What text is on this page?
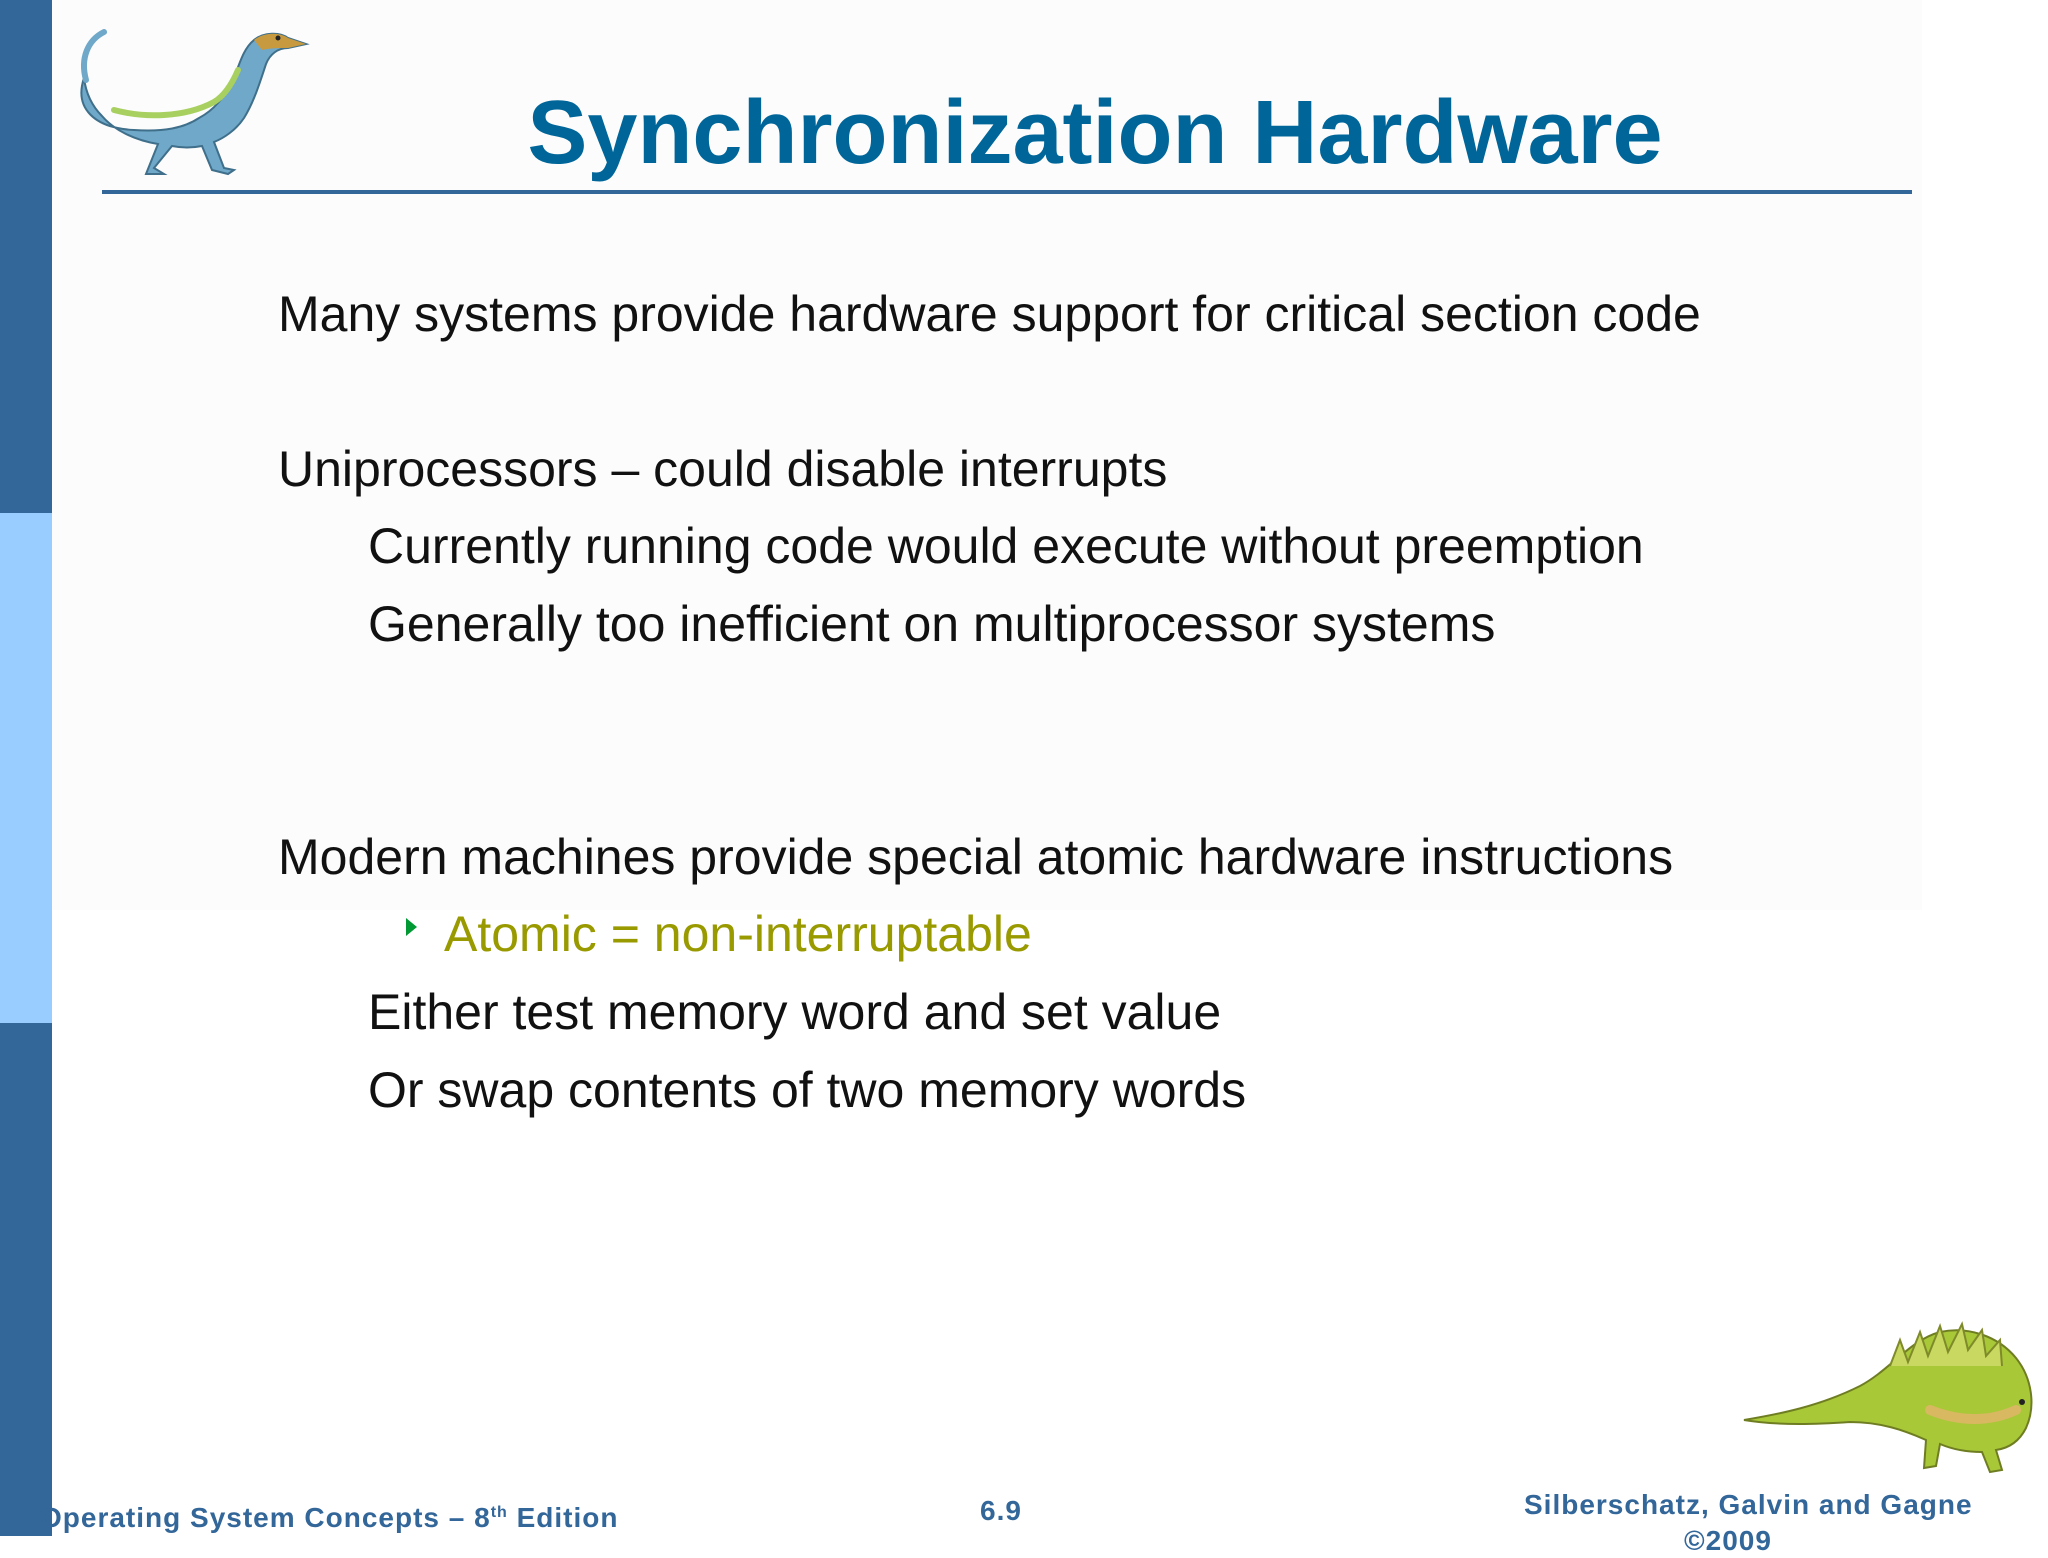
Synchronization Hardware
Many systems provide hardware support for critical section code
Uniprocessors – could disable interrupts
Currently running code would execute without preemption
Generally too inefficient on multiprocessor systems
Modern machines provide special atomic hardware instructions
Atomic = non-interruptable
Either test memory word and set value
Or swap contents of two memory words
Operating System Concepts – 8th Edition	6.9	Silberschatz, Galvin and Gagne
©2009
